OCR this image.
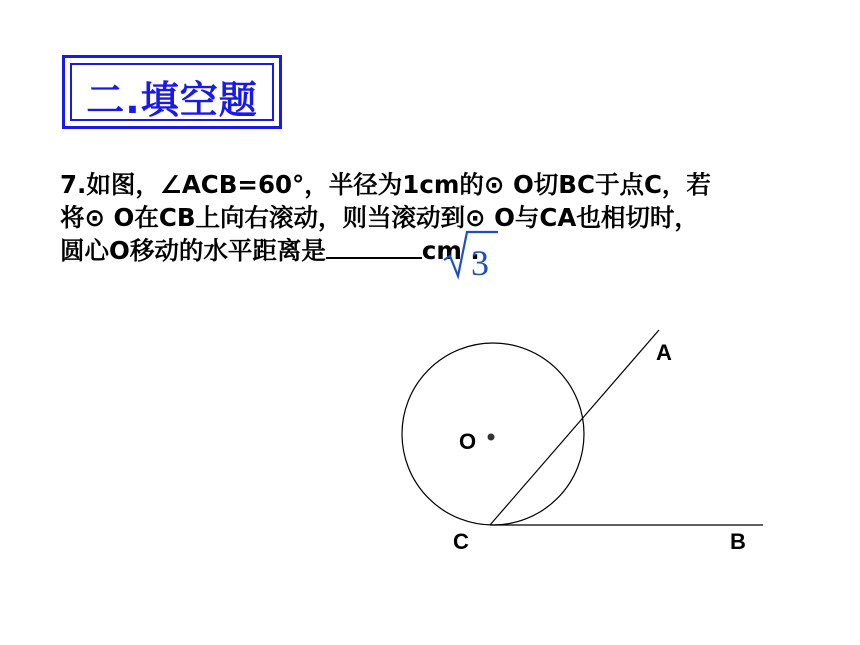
二.填空题
7.如图，∠ACB=60°，半径为1cm的⊙ O切BC于点C，若
将⊙ O在CB上向右滚动，则当滚动到⊙ O与CA也相切时，
圆心O移动的水平距离是	cm .
3
O
A
C	B
